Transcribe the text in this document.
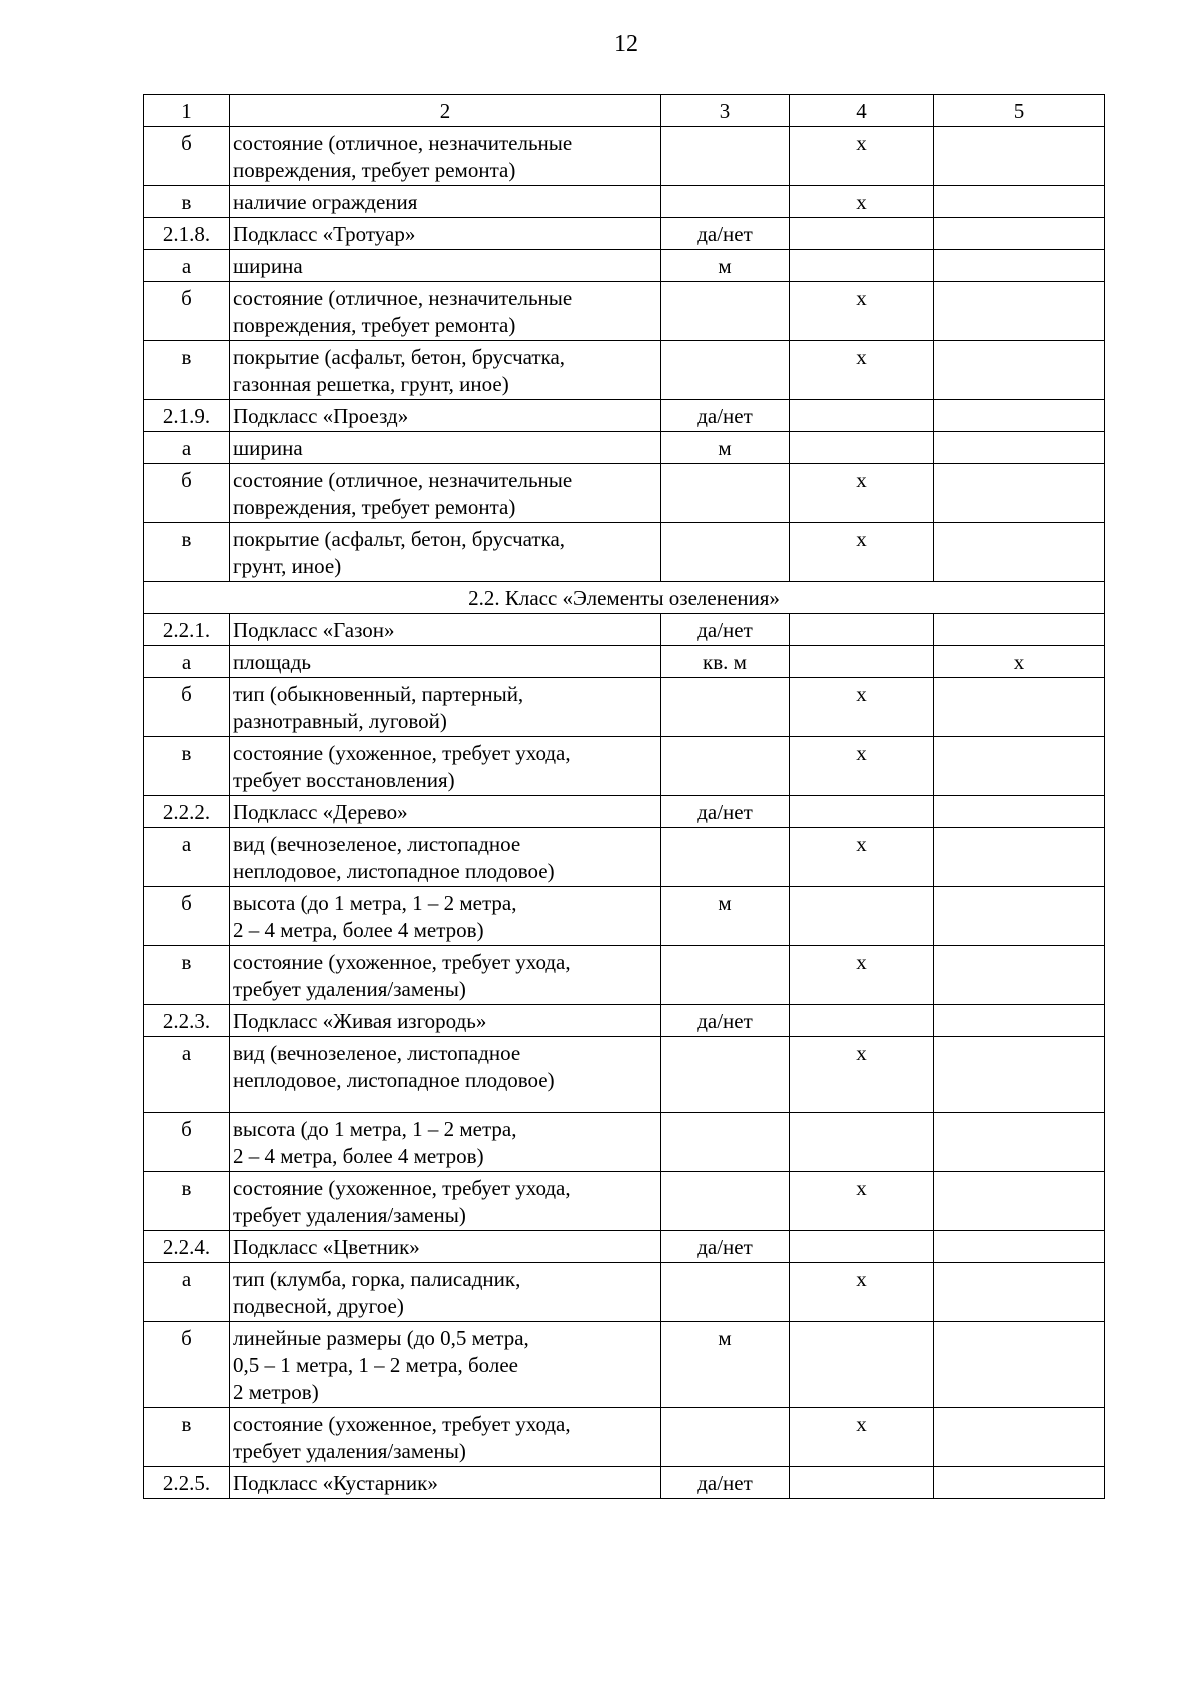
12
1	2	3	4	5
б	состояние (отличное, незначительные
повреждения, требует ремонта)		х	
в	наличие ограждения		х	
2.1.8.	Подкласс «Тротуар»	да/нет		
а	ширина	м		
б	состояние (отличное, незначительные
повреждения, требует ремонта)		х	
в	покрытие (асфальт, бетон, брусчатка,
газонная решетка, грунт, иное)		х	
2.1.9.	Подкласс «Проезд»	да/нет		
а	ширина	м		
б	состояние (отличное, незначительные
повреждения, требует ремонта)		х	
в	покрытие (асфальт, бетон, брусчатка,
грунт, иное)		х	
2.2. Класс «Элементы озеленения»				
2.2.1.	Подкласс «Газон»	да/нет		
а	площадь	кв. м		х
б	тип (обыкновенный, партерный,
разнотравный, луговой)		х	
в	состояние (ухоженное, требует ухода,
требует восстановления)		х	
2.2.2.	Подкласс «Дерево»	да/нет		
а	вид (вечнозеленое, листопадное
неплодовое, листопадное плодовое)		х	
б	высота (до 1 метра, 1 – 2 метра,
2 – 4 метра, более 4 метров)	м		
в	состояние (ухоженное, требует ухода,
требует удаления/замены)		х	
2.2.3.	Подкласс «Живая изгородь»	да/нет		
а	вид (вечнозеленое, листопадное
неплодовое, листопадное плодовое)		х	
б	высота (до 1 метра, 1 – 2 метра,
2 – 4 метра, более 4 метров)			
в	состояние (ухоженное, требует ухода,
требует удаления/замены)		х	
2.2.4.	Подкласс «Цветник»	да/нет		
а	тип (клумба, горка, палисадник,
подвесной, другое)		х	
б	линейные размеры (до 0,5 метра,
0,5 – 1 метра, 1 – 2 метра, более
2 метров)	м		
в	состояние (ухоженное, требует ухода,
требует удаления/замены)		х	
2.2.5.	Подкласс «Кустарник»	да/нет		
